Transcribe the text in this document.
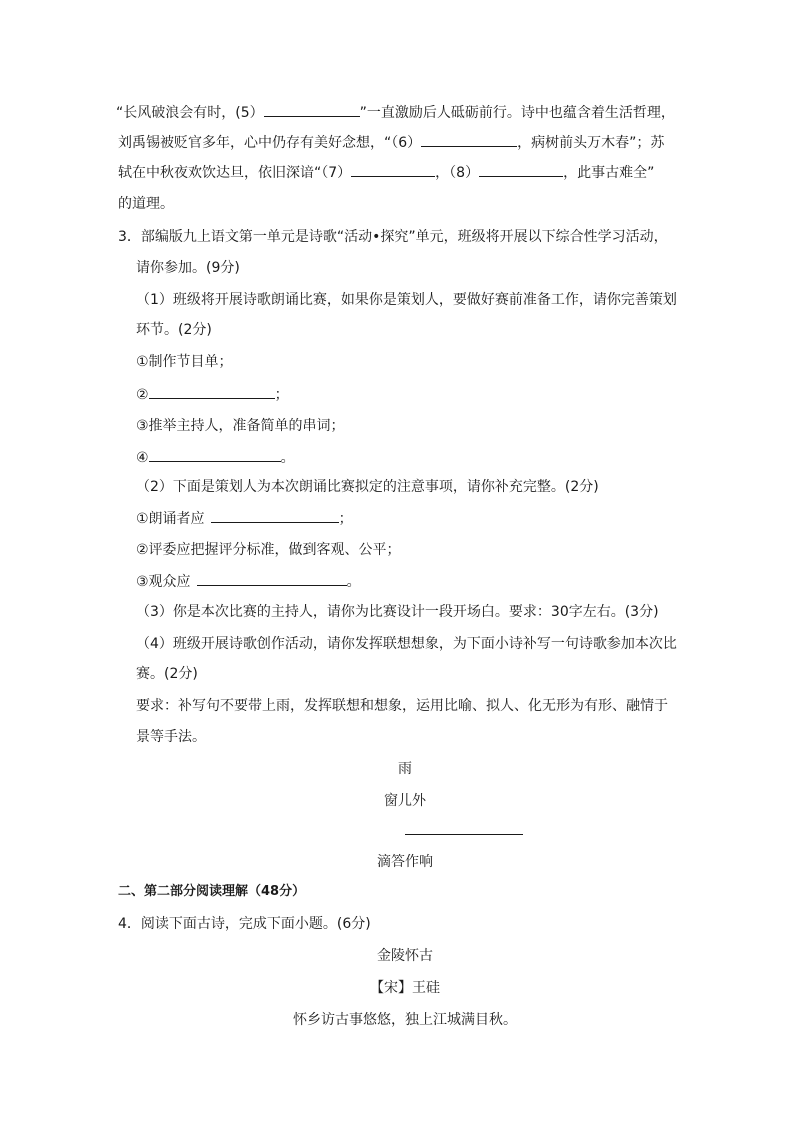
“长风破浪会有时，(5）	”一直激励后人砥砺前行。诗中也蕴含着生活哲理，
刘禹锡被贬官多年，心中仍存有美好念想，“（6）	，病树前头万木春”；苏
轼在中秋夜欢饮达旦，依旧深谙“（7）	，（8）	，此事古难全”
的道理。
3．部编版九上语文第一单元是诗歌“活动•探究”单元，班级将开展以下综合性学习活动，
请你参加。(9分)
（1）班级将开展诗歌朗诵比赛，如果你是策划人，要做好赛前准备工作，请你完善策划
环节。(2分)
①制作节目单；
②	；
③推举主持人，准备简单的串词；
④	。
（2）下面是策划人为本次朗诵比赛拟定的注意事项，请你补充完整。(2分)
①朗诵者应	；
②评委应把握评分标准，做到客观、公平；
③观众应	。
（3）你是本次比赛的主持人，请你为比赛设计一段开场白。要求：30字左右。(3分)
（4）班级开展诗歌创作活动，请你发挥联想想象，为下面小诗补写一句诗歌参加本次比
赛。(2分)
要求：补写句不要带上雨，发挥联想和想象，运用比喻、拟人、化无形为有形、融情于
景等手法。
雨
窗儿外
滴答作响
二、第二部分阅读理解（48分）
4．阅读下面古诗，完成下面小题。(6分)
金陵怀古
【宋】王硅
怀乡访古事悠悠，独上江城满目秋。
